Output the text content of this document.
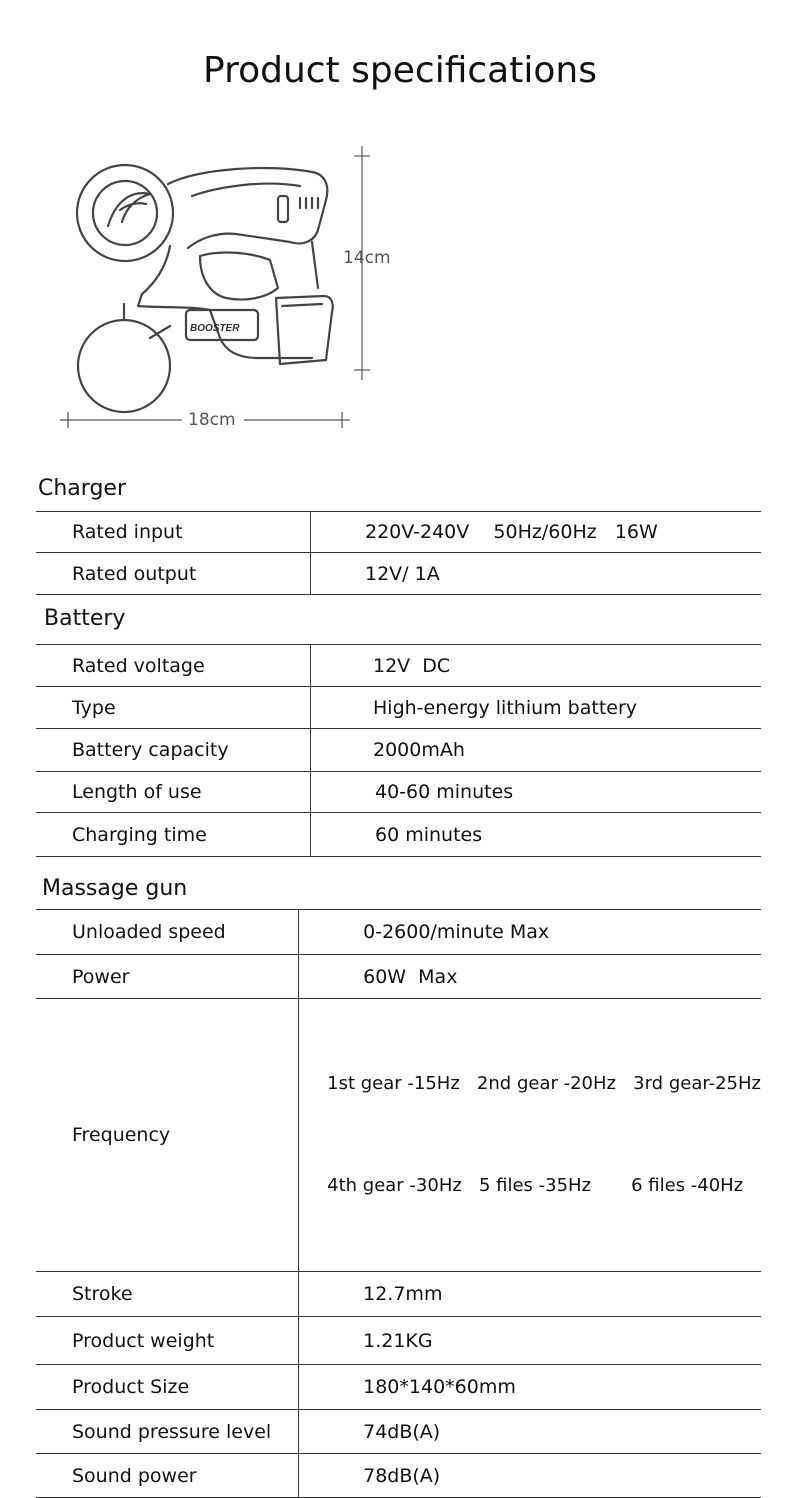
Product specifications
BOOSTER
14cm
18cm
Charger
Rated input	220V-240V    50Hz/60Hz   16W
Rated output	12V/ 1A
Battery
Rated voltage	12V  DC
Type	High-energy lithium battery
Battery capacity	2000mAh
Length of use	40-60 minutes
Charging time	60 minutes
Massage gun
Unloaded speed	0-2600/minute Max
Power	60W  Max
Frequency	1st gear -15Hz   2nd gear -20Hz   3rd gear-25Hz

4th gear -30Hz   5 files -35Hz       6 files -40Hz

Stroke	12.7mm
Product weight	1.21KG
Product Size	180*140*60mm
Sound pressure level	74dB(A)
Sound power	78dB(A)
